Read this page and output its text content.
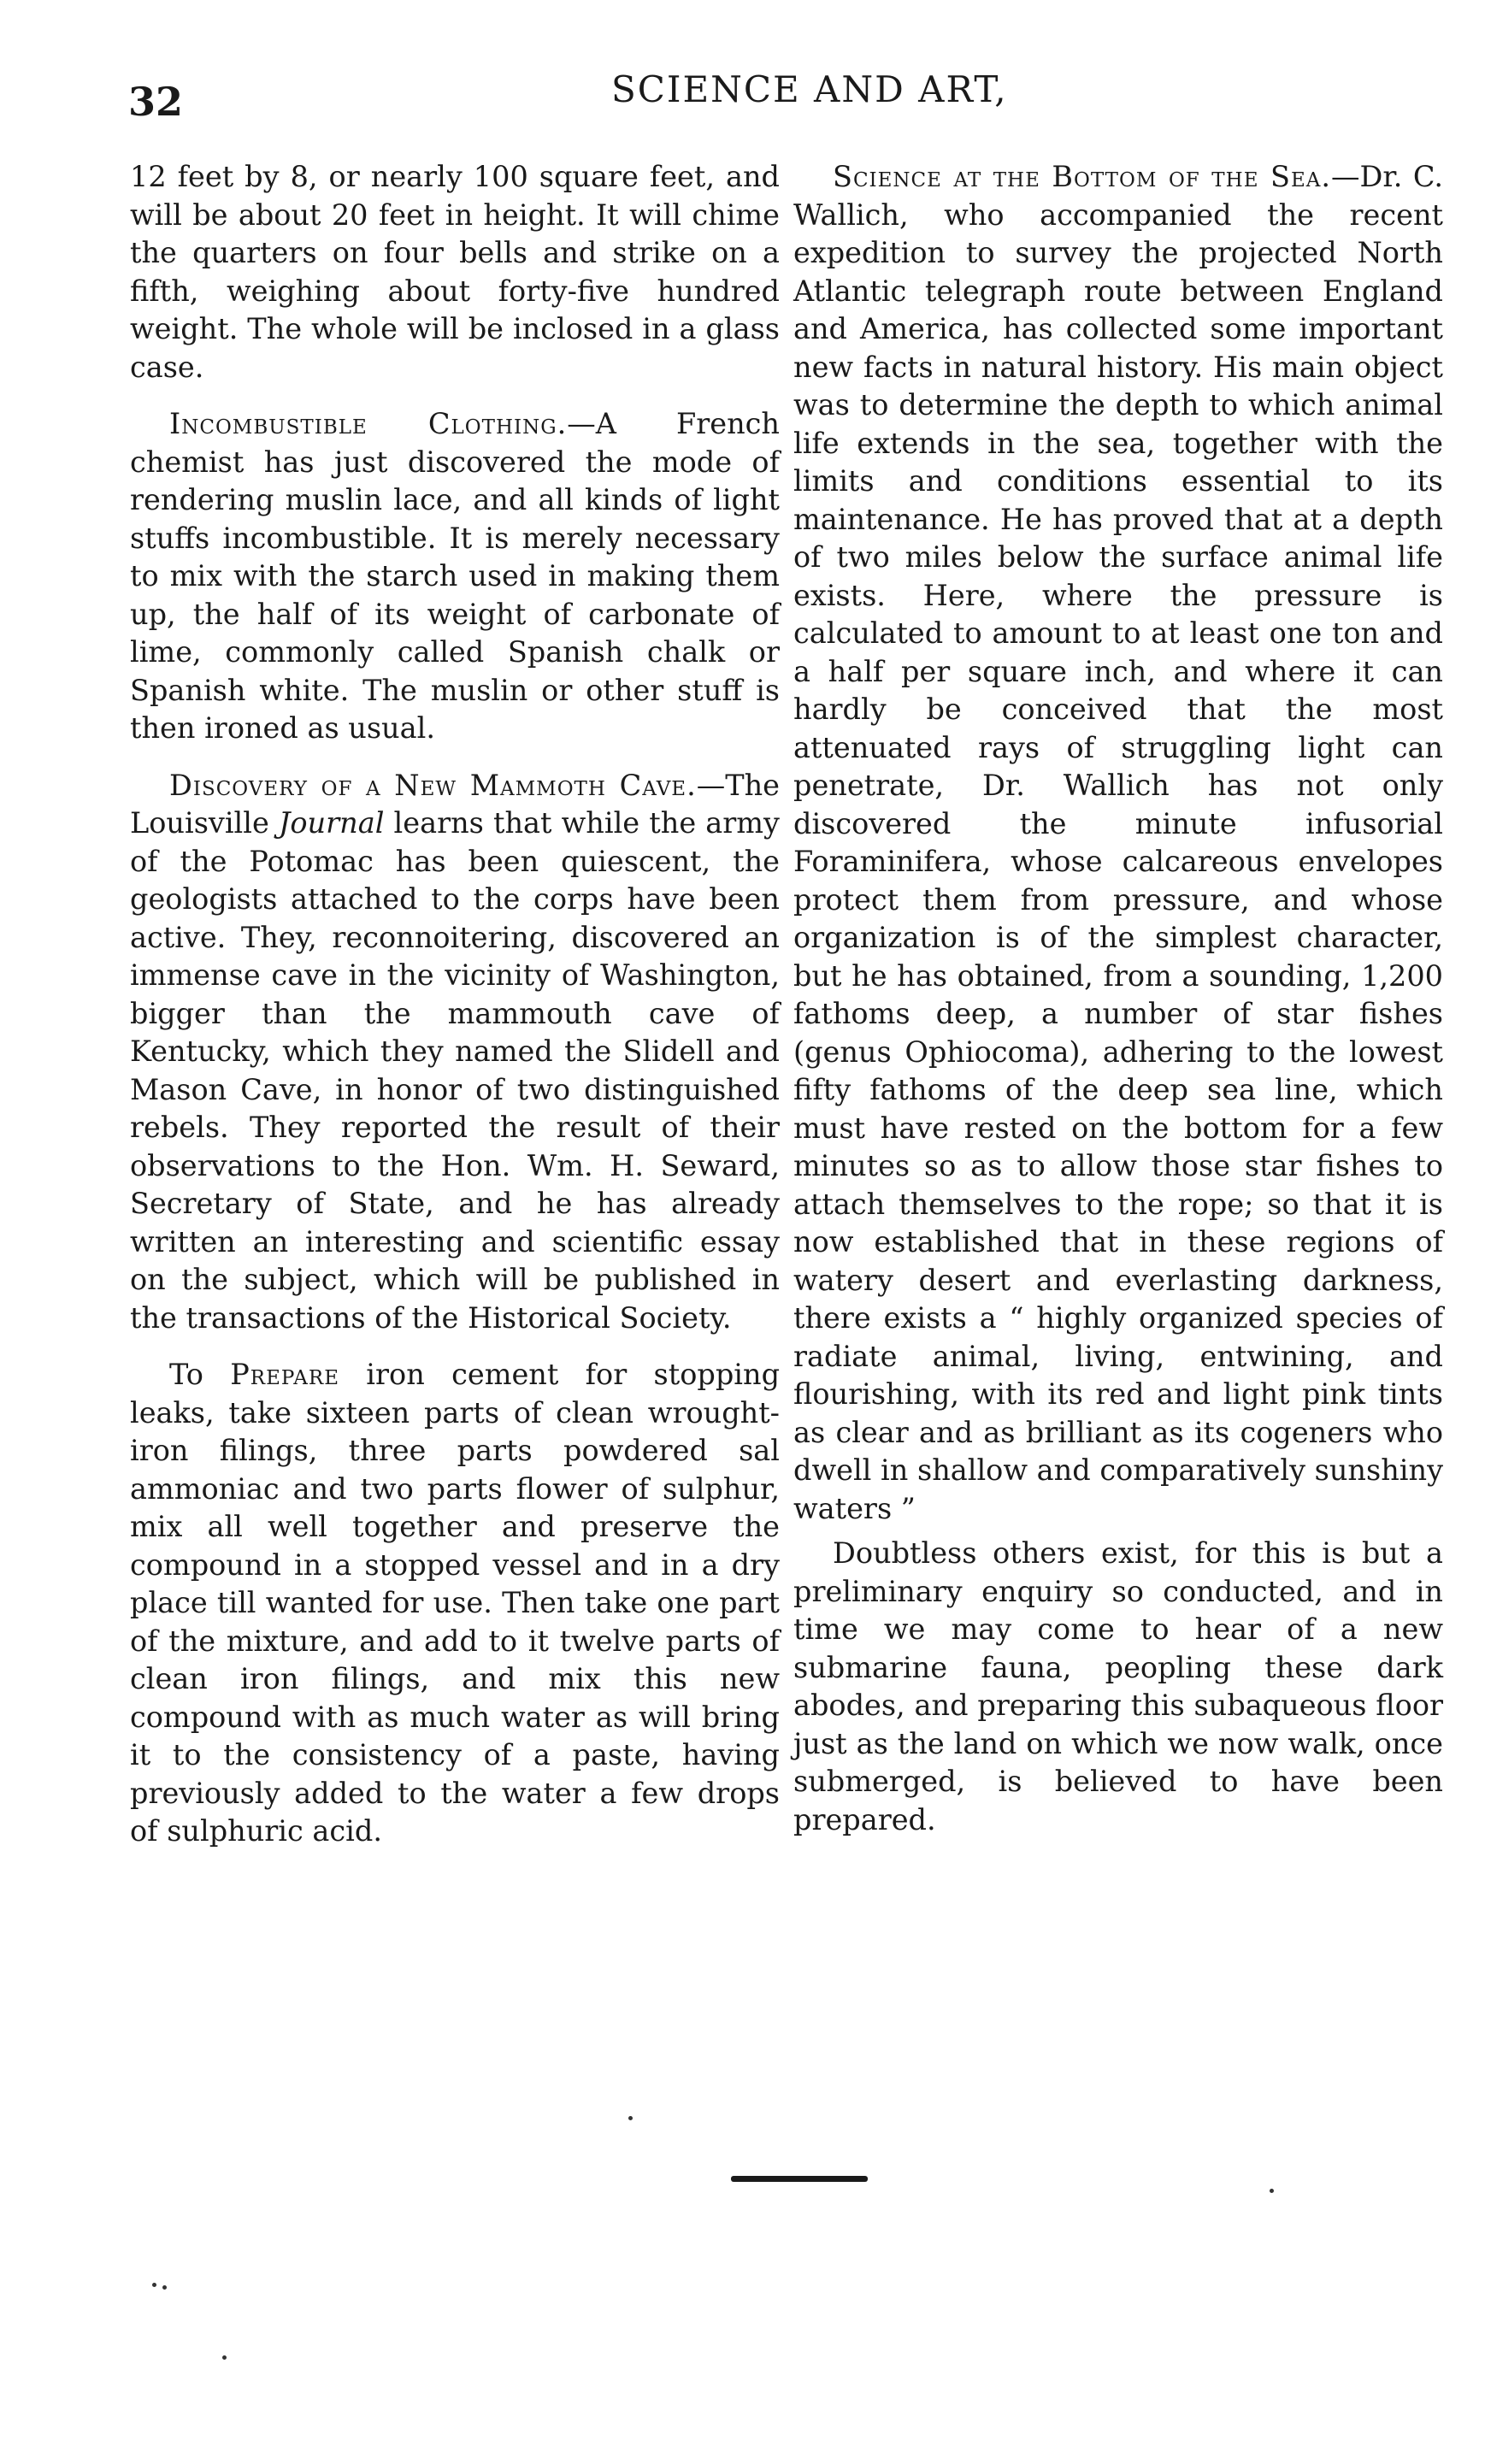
32	SCIENCE AND ART,

12 feet by 8, or nearly 100 square feet, and will be about 20 feet in height. It will chime the quarters on four bells and strike on a fifth, weighing about forty-five hundred weight. The whole will be inclosed in a glass case.

Incombustible Clothing.—A French chemist has just discovered the mode of rendering muslin lace, and all kinds of light stuffs incombustible. It is merely necessary to mix with the starch used in making them up, the half of its weight of carbonate of lime, commonly called Spanish chalk or Spanish white. The muslin or other stuff is then ironed as usual.

Discovery of a New Mammoth Cave.—The Louisville Journal learns that while the army of the Potomac has been quiescent, the geologists attached to the corps have been active. They, reconnoitering, discovered an immense cave in the vicinity of Washington, bigger than the mammouth cave of Kentucky, which they named the Slidell and Mason Cave, in honor of two distinguished rebels. They reported the result of their observations to the Hon. Wm. H. Seward, Secretary of State, and he has already written an interesting and scientific essay on the subject, which will be published in the transactions of the Historical Society.

To Prepare iron cement for stopping leaks, take sixteen parts of clean wrought-iron filings, three parts powdered sal ammoniac and two parts flower of sulphur, mix all well together and preserve the compound in a stopped vessel and in a dry place till wanted for use. Then take one part of the mixture, and add to it twelve parts of clean iron filings, and mix this new compound with as much water as will bring it to the consistency of a paste, having previously added to the water a few drops of sulphuric acid.

Science at the Bottom of the Sea.—Dr. C. Wallich, who accompanied the recent expedition to survey the projected North Atlantic telegraph route between England and America, has collected some important new facts in natural history. His main object was to determine the depth to which animal life extends in the sea, together with the limits and conditions essential to its maintenance. He has proved that at a depth of two miles below the surface animal life exists. Here, where the pressure is calculated to amount to at least one ton and a half per square inch, and where it can hardly be conceived that the most attenuated rays of struggling light can penetrate, Dr. Wallich has not only discovered the minute infusorial Foraminifera, whose calcareous envelopes protect them from pressure, and whose organization is of the simplest character, but he has obtained, from a sounding, 1,200 fathoms deep, a number of star fishes (genus Ophiocoma), adhering to the lowest fifty fathoms of the deep sea line, which must have rested on the bottom for a few minutes so as to allow those star fishes to attach themselves to the rope; so that it is now established that in these regions of watery desert and everlasting darkness, there exists a “ highly organized species of radiate animal, living, entwining, and flourishing, with its red and light pink tints as clear and as brilliant as its cogeners who dwell in shallow and comparatively sunshiny waters ”

Doubtless others exist, for this is but a preliminary enquiry so conducted, and in time we may come to hear of a new submarine fauna, peopling these dark abodes, and preparing this subaqueous floor just as the land on which we now walk, once submerged, is believed to have been prepared.
